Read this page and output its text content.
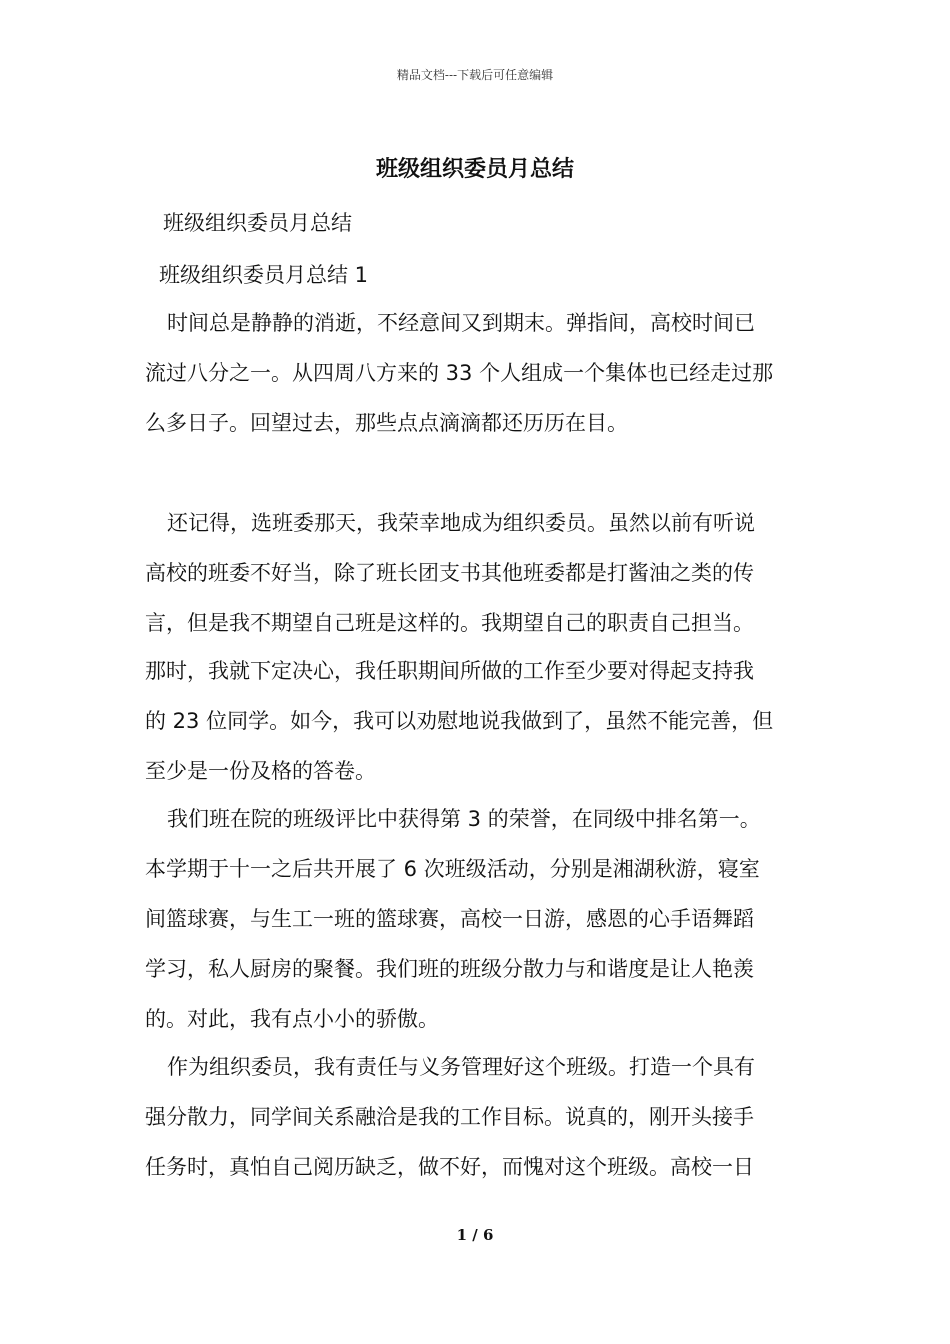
精品文档---下载后可任意编辑
班级组织委员月总结
班级组织委员月总结
班级组织委员月总结 1
时间总是静静的消逝，不经意间又到期末。弹指间，高校时间已
流过八分之一。从四周八方来的 33 个人组成一个集体也已经走过那
么多日子。回望过去，那些点点滴滴都还历历在目。
还记得，选班委那天，我荣幸地成为组织委员。虽然以前有听说
高校的班委不好当，除了班长团支书其他班委都是打酱油之类的传
言，但是我不期望自己班是这样的。我期望自己的职责自己担当。
那时，我就下定决心，我任职期间所做的工作至少要对得起支持我
的 23 位同学。如今，我可以劝慰地说我做到了，虽然不能完善，但
至少是一份及格的答卷。
我们班在院的班级评比中获得第 3 的荣誉，在同级中排名第一。
本学期于十一之后共开展了 6 次班级活动，分别是湘湖秋游，寝室
间篮球赛，与生工一班的篮球赛，高校一日游，感恩的心手语舞蹈
学习，私人厨房的聚餐。我们班的班级分散力与和谐度是让人艳羡
的。对此，我有点小小的骄傲。
作为组织委员，我有责任与义务管理好这个班级。打造一个具有
强分散力，同学间关系融洽是我的工作目标。说真的，刚开头接手
任务时，真怕自己阅历缺乏，做不好，而愧对这个班级。高校一日
1 / 6
